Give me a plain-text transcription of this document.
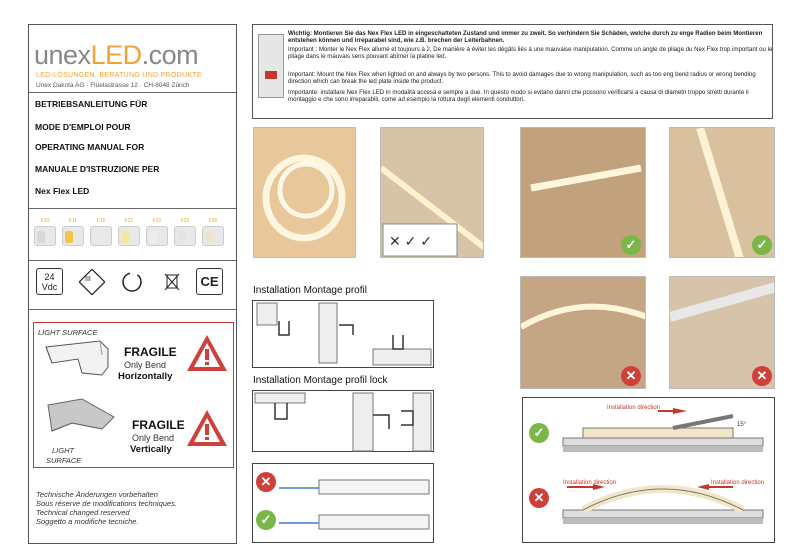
unexLED.com
LED-LÖSUNGEN, BERATUNG UND PRODUKTE
Unex Dakota AG · Flüelastrasse 12 · CH-8048 Zürich
BETRIEBSANLEITUNG FÜR
MODE D'EMPLOI POUR
OPERATING MANUAL FOR
MANUALE D'ISTRUZIONE PER
Nex Flex LED
F10	F11	F15	F21	F22	F23	F26
24
Vdc
III	CE
LIGHT SURFACE
FRAGILE
Only Bend
Horizontally
FRAGILE
Only Bend
Vertically
LIGHT
SURFACE
Technische Änderungen vorbehalten
Sous réserve de modifications techniques.
Technical changed reserved
Soggetto a modifiche tecniche.
Wichtig: Montieren Sie das Nex Flex LED in eingeschalteten Zustand und immer zu zweit. So verhindern Sie Schäden, welche durch zu enge Radien beim Montieren entstehen können und irreparabel sind, wie z.B. brechen der Leiterbahnen.
Important : Monter le Nex Flex allumé et toujours à 2. De manière à éviter les dégâts liés à une mauvaise manipulation. Comme un angle de pliage du Nex Flex trop important ou le pliage dans le mauvais sens pouvant abîmer la platine led.
Important: Mount the Nex Flex when lighted on and always by two persons. This to avoid damages due to wrong manipulation, such as too eng bend radius or wrong bending direction which can break the led plate inside the product.
Importante: installare Nex Flex LED in modalità accesa e sempre a due. In questo modo si evitano danni che possono verificarsi a causa di diametri troppo stretti durante il montaggio e che sono irreparabili, come ad esempio la rottura degli elementi conduttori.
✕ ✓ ✓	✓	✓
✕	✕
Installation Montage profil
Installation Montage profil lock
✕
✓
✓
✕
Installation direction
Installation direction	Installation direction
15°
